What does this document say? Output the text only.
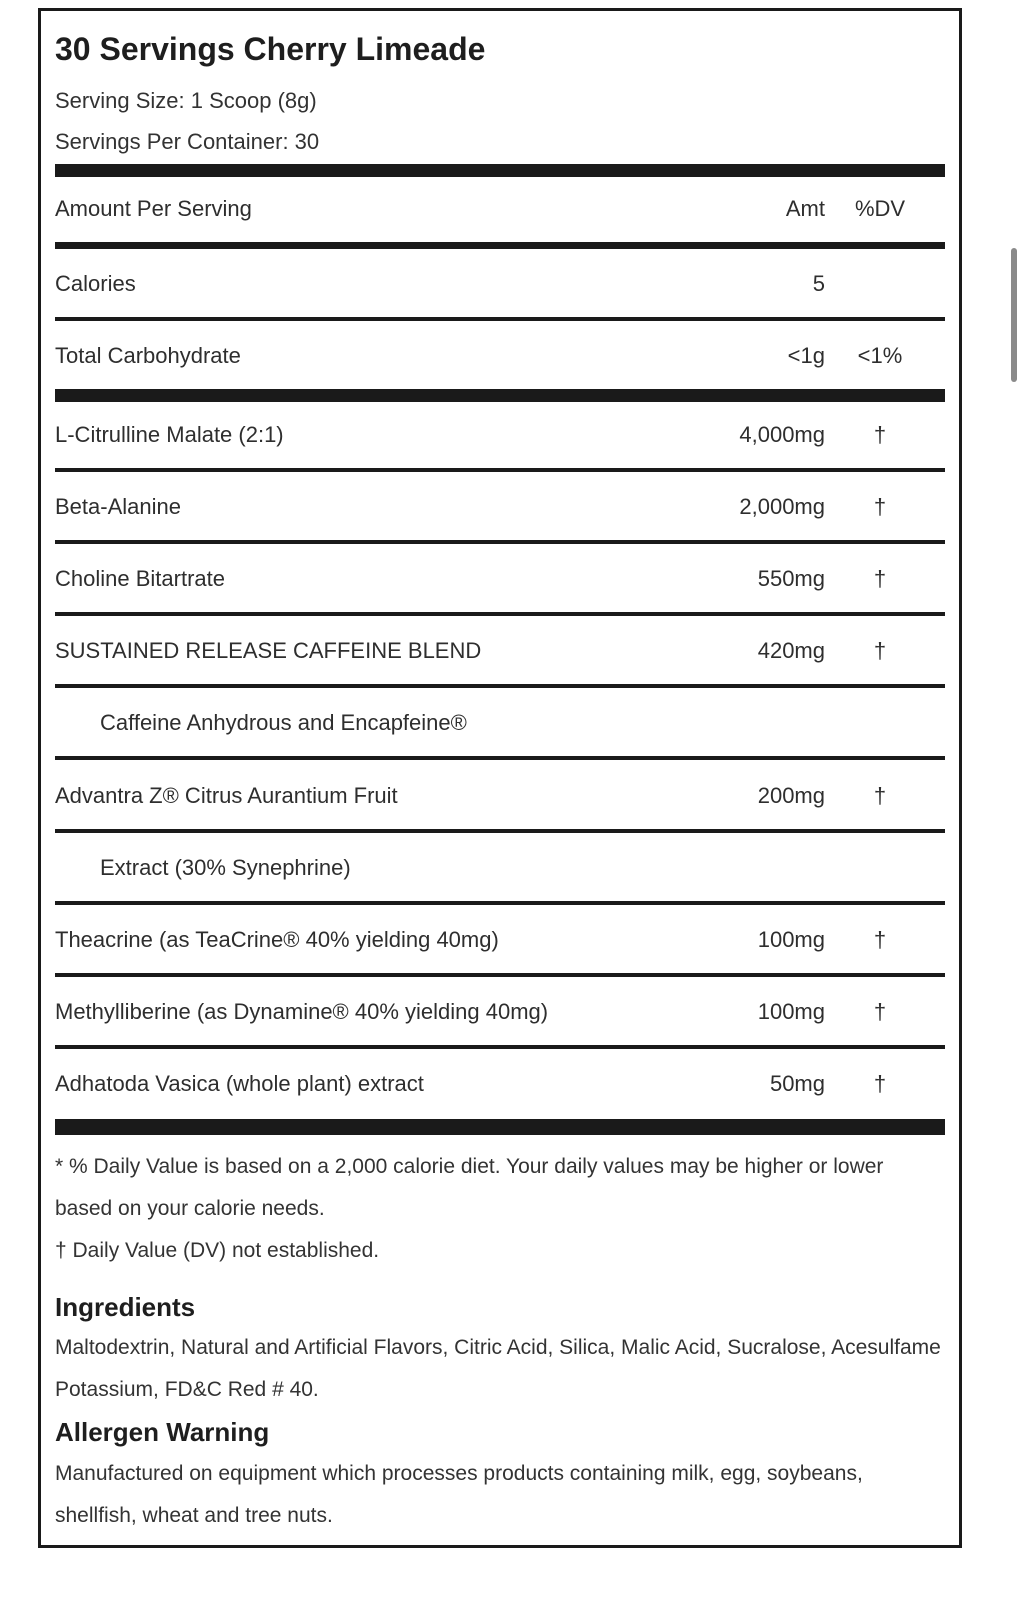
30 Servings Cherry Limeade
Serving Size: 1 Scoop (8g)
Servings Per Container: 30
Amount Per Serving	Amt %DV
Calories	5
Total Carbohydrate	<1g	<1%
L-Citrulline Malate (2:1)	4,000mg	†
Beta-Alanine	2,000mg	†
Choline Bitartrate	550mg	†
SUSTAINED RELEASE CAFFEINE BLEND	420mg	†
Caffeine Anhydrous and Encapfeine®
Advantra Z® Citrus Aurantium Fruit	200mg	†
Extract (30% Synephrine)
Theacrine (as TeaCrine® 40% yielding 40mg)	100mg	†
Methylliberine (as Dynamine® 40% yielding 40mg)	100mg	†
Adhatoda Vasica (whole plant) extract	50mg	†
* % Daily Value is based on a 2,000 calorie diet. Your daily values may be higher or lower based on your calorie needs.
† Daily Value (DV) not established.
Ingredients
Maltodextrin, Natural and Artificial Flavors, Citric Acid, Silica, Malic Acid, Sucralose, Acesulfame Potassium, FD&C Red # 40.
Allergen Warning
Manufactured on equipment which processes products containing milk, egg, soybeans, shellfish, wheat and tree nuts.
